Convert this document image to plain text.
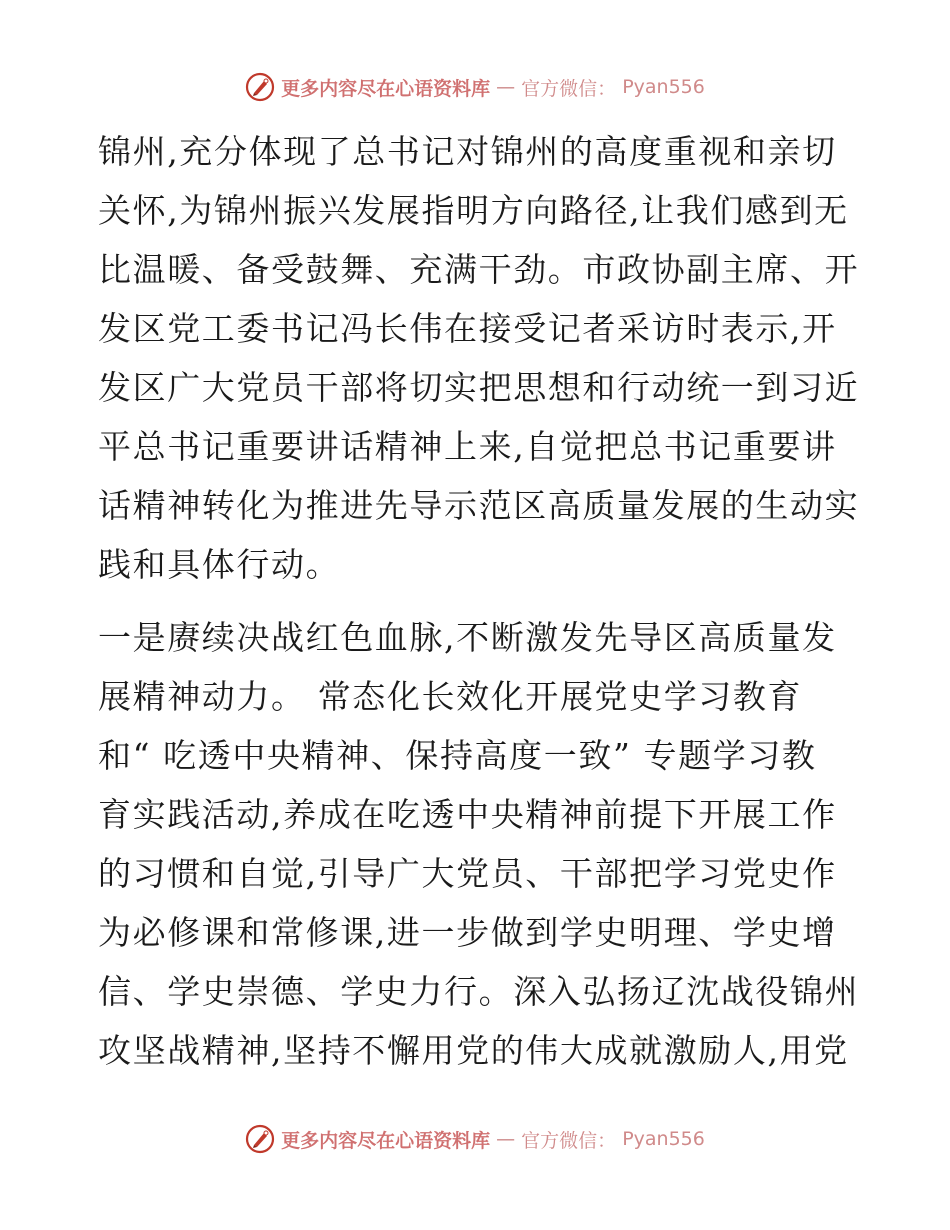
更多内容尽在心语资料库 — 官方微信： Pyan556

锦州,充分体现了总书记对锦州的高度重视和亲切
关怀,为锦州振兴发展指明方向路径,让我们感到无
比温暖、备受鼓舞、充满干劲。市政协副主席、开
发区党工委书记冯长伟在接受记者采访时表示,开
发区广大党员干部将切实把思想和行动统一到习近
平总书记重要讲话精神上来,自觉把总书记重要讲
话精神转化为推进先导示范区高质量发展的生动实
践和具体行动。

一是赓续决战红色血脉,不断激发先导区高质量发
展精神动力。 常态化长效化开展党史学习教育
和“ 吃透中央精神、保持高度一致” 专题学习教
育实践活动,养成在吃透中央精神前提下开展工作
的习惯和自觉,引导广大党员、干部把学习党史作
为必修课和常修课,进一步做到学史明理、学史增
信、学史崇德、学史力行。深入弘扬辽沈战役锦州
攻坚战精神,坚持不懈用党的伟大成就激励人,用党

更多内容尽在心语资料库 — 官方微信： Pyan556
